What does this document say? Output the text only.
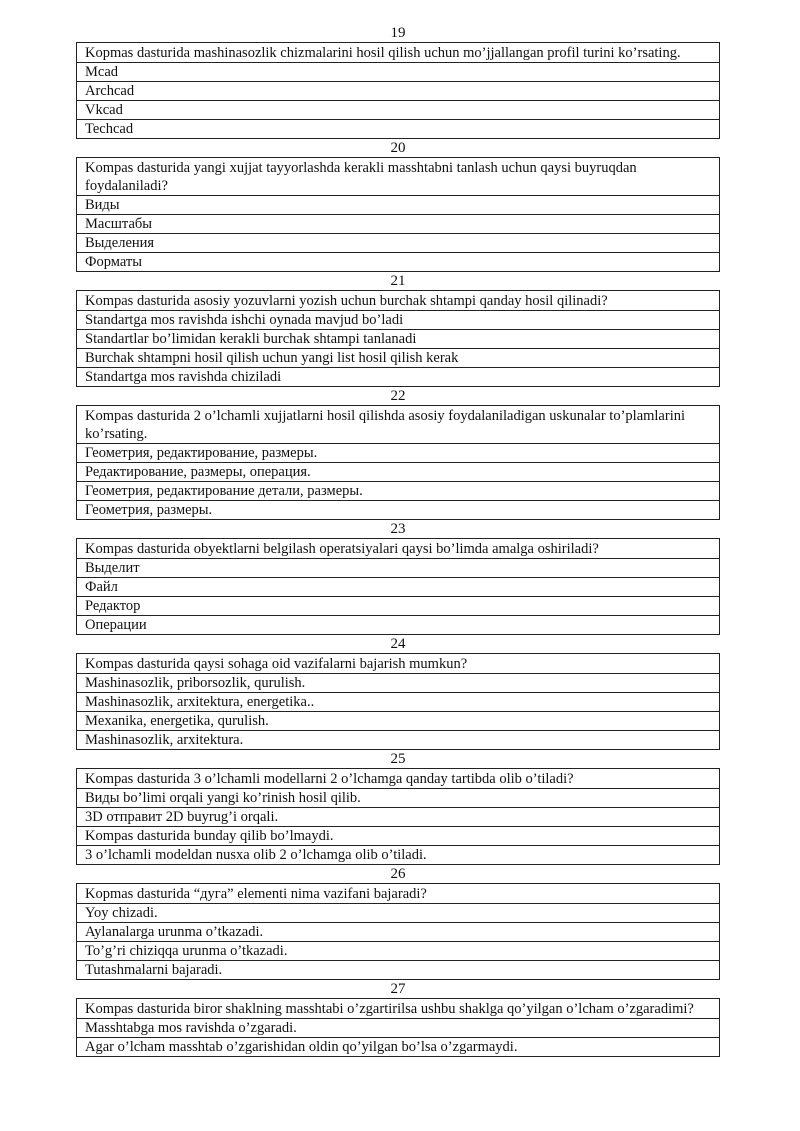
19
Kopmas dasturida mashinasozlik chizmalarini hosil qilish uchun mo’jjallangan profil turini ko’rsating.
Mcad
Archcad
Vkcad
Techcad
20
Kompas dasturida yangi xujjat tayyorlashda kerakli masshtabni tanlash uchun qaysi buyruqdan foydalaniladi?
Виды
Масштабы
Выделения
Форматы
21
Kompas dasturida asosiy yozuvlarni yozish uchun burchak shtampi qanday hosil qilinadi?
Standartga mos ravishda ishchi oynada mavjud bo’ladi
Standartlar bo’limidan kerakli burchak shtampi tanlanadi
Burchak shtampni hosil qilish uchun yangi list hosil qilish kerak
Standartga mos ravishda chiziladi
22
Kompas dasturida 2 o’lchamli xujjatlarni hosil qilishda asosiy foydalaniladigan uskunalar to’plamlarini ko’rsating.
Геометрия, редактирование, размеры.
Редактирование, размеры, операция.
Геометрия, редактирование детали, размеры.
Геометрия, размеры.
23
Kompas dasturida obyektlarni belgilash operatsiyalari qaysi bo’limda amalga oshiriladi?
Выделит
Файл
Редактор
Операции
24
Kompas dasturida qaysi sohaga oid vazifalarni bajarish mumkun?
Mashinasozlik, priborsozlik, qurulish.
Mashinasozlik, arxitektura, energetika..
Mexanika, energetika, qurulish.
Mashinasozlik, arxitektura.
25
Kompas dasturida 3 o’lchamli modellarni 2 o’lchamga qanday tartibda olib o’tiladi?
Виды bo’limi orqali yangi ko’rinish hosil qilib.
3D отправит 2D buyrug’i orqali.
Kompas dasturida bunday qilib bo’lmaydi.
3 o’lchamli modeldan nusxa olib 2 o’lchamga olib o’tiladi.
26
Kopmas dasturida “дуга” elementi nima vazifani bajaradi?
Yoy chizadi.
Aylanalarga urunma o’tkazadi.
To’g’ri chiziqqa urunma o’tkazadi.
Tutashmalarni bajaradi.
27
Kompas dasturida biror shaklning masshtabi o’zgartirilsa ushbu shaklga qo’yilgan o’lcham o’zgaradimi?
Masshtabga mos ravishda o’zgaradi.
Agar o’lcham masshtab o’zgarishidan oldin qo’yilgan bo’lsa o’zgarmaydi.
